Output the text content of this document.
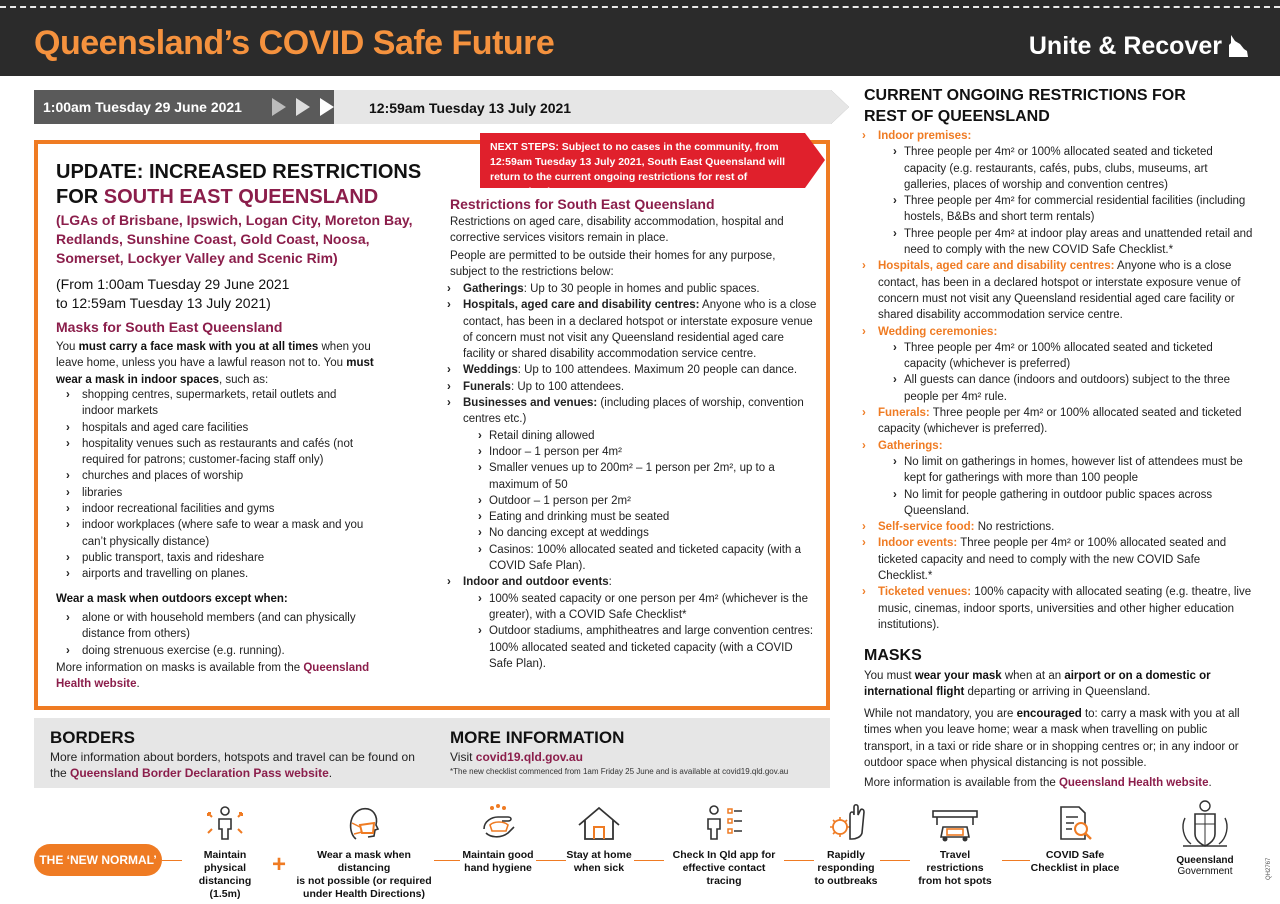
Queensland’s COVID Safe Future	Unite & Recover
1:00am Tuesday 29 June 2021	12:59am Tuesday 13 July 2021
NEXT STEPS: Subject to no cases in the community, from 12:59am Tuesday 13 July 2021, South East Queensland will return to the current ongoing restrictions for rest of Queensland.
UPDATE: INCREASED RESTRICTIONS
FOR SOUTH EAST QUEENSLAND
(LGAs of Brisbane, Ipswich, Logan City, Moreton Bay, Redlands, Sunshine Coast, Gold Coast, Noosa, Somerset, Lockyer Valley and Scenic Rim)
(From 1:00am Tuesday 29 June 2021
to 12:59am Tuesday 13 July 2021)
Masks for South East Queensland
You must carry a face mask with you at all times when you leave home, unless you have a lawful reason not to. You must wear a mask in indoor spaces, such as:
› shopping centres, supermarkets, retail outlets and indoor markets
› hospitals and aged care facilities
› hospitality venues such as restaurants and cafés (not required for patrons; customer-facing staff only)
› churches and places of worship
› libraries
› indoor recreational facilities and gyms
› indoor workplaces (where safe to wear a mask and you can’t physically distance)
› public transport, taxis and rideshare
› airports and travelling on planes.
Wear a mask when outdoors except when:
› alone or with household members (and can physically distance from others)
› doing strenuous exercise (e.g. running).
More information on masks is available from the Queensland Health website.
Restrictions for South East Queensland
Restrictions on aged care, disability accommodation, hospital and corrective services visitors remain in place.
People are permitted to be outside their homes for any purpose, subject to the restrictions below:
› Gatherings: Up to 30 people in homes and public spaces.
› Hospitals, aged care and disability centres: Anyone who is a close contact, has been in a declared hotspot or interstate exposure venue of concern must not visit any Queensland residential aged care facility or shared disability accommodation service centre.
› Weddings: Up to 100 attendees. Maximum 20 people can dance.
› Funerals: Up to 100 attendees.
› Businesses and venues: (including places of worship, convention centres etc.)
› Retail dining allowed
› Indoor – 1 person per 4m²
› Smaller venues up to 200m² – 1 person per 2m², up to a maximum of 50
› Outdoor – 1 person per 2m²
› Eating and drinking must be seated
› No dancing except at weddings
› Casinos: 100% allocated seated and ticketed capacity (with a COVID Safe Plan).
› Indoor and outdoor events:
› 100% seated capacity or one person per 4m² (whichever is the greater), with a COVID Safe Checklist*
› Outdoor stadiums, amphitheatres and large convention centres: 100% allocated seated and ticketed capacity (with a COVID Safe Plan).
CURRENT ONGOING RESTRICTIONS FOR
REST OF QUEENSLAND
› Indoor premises:
› Three people per 4m² or 100% allocated seated and ticketed capacity (e.g. restaurants, cafés, pubs, clubs, museums, art galleries, places of worship and convention centres)
› Three people per 4m² for commercial residential facilities (including hostels, B&Bs and short term rentals)
› Three people per 4m² at indoor play areas and unattended retail and need to comply with the new COVID Safe Checklist.*
› Hospitals, aged care and disability centres: Anyone who is a close contact, has been in a declared hotspot or interstate exposure venue of concern must not visit any Queensland residential aged care facility or shared disability accommodation service centre.
› Wedding ceremonies:
› Three people per 4m² or 100% allocated seated and ticketed capacity (whichever is preferred)
› All guests can dance (indoors and outdoors) subject to the three people per 4m² rule.
› Funerals: Three people per 4m² or 100% allocated seated and ticketed capacity (whichever is preferred).
› Gatherings:
› No limit on gatherings in homes, however list of attendees must be kept for gatherings with more than 100 people
› No limit for people gathering in outdoor public spaces across Queensland.
› Self-service food: No restrictions.
› Indoor events: Three people per 4m² or 100% allocated seated and ticketed capacity and need to comply with the new COVID Safe Checklist.*
› Ticketed venues: 100% capacity with allocated seating (e.g. theatre, live music, cinemas, indoor sports, universities and other higher education institutions).
MASKS
You must wear your mask when at an airport or on a domestic or international flight departing or arriving in Queensland.
While not mandatory, you are encouraged to: carry a mask with you at all times when you leave home; wear a mask when travelling on public transport, in a taxi or ride share or in shopping centres or; in any indoor or outdoor space when physical distancing is not possible.
More information is available from the Queensland Health website.
BORDERS
More information about borders, hotspots and travel can be found on the Queensland Border Declaration Pass website.
MORE INFORMATION
Visit covid19.qld.gov.au
*The new checklist commenced from 1am Friday 25 June and is available at covid19.qld.gov.au
THE ‘NEW NORMAL’	+
Maintain physical
distancing (1.5m)
Wear a mask when distancing
is not possible (or required
under Health Directions)
Maintain good
hand hygiene
Stay at home
when sick
Check In Qld app for
effective contact tracing
Rapidly
responding
to outbreaks
Travel restrictions
from hot spots
COVID Safe
Checklist in place
Queensland
Government	QH2767
